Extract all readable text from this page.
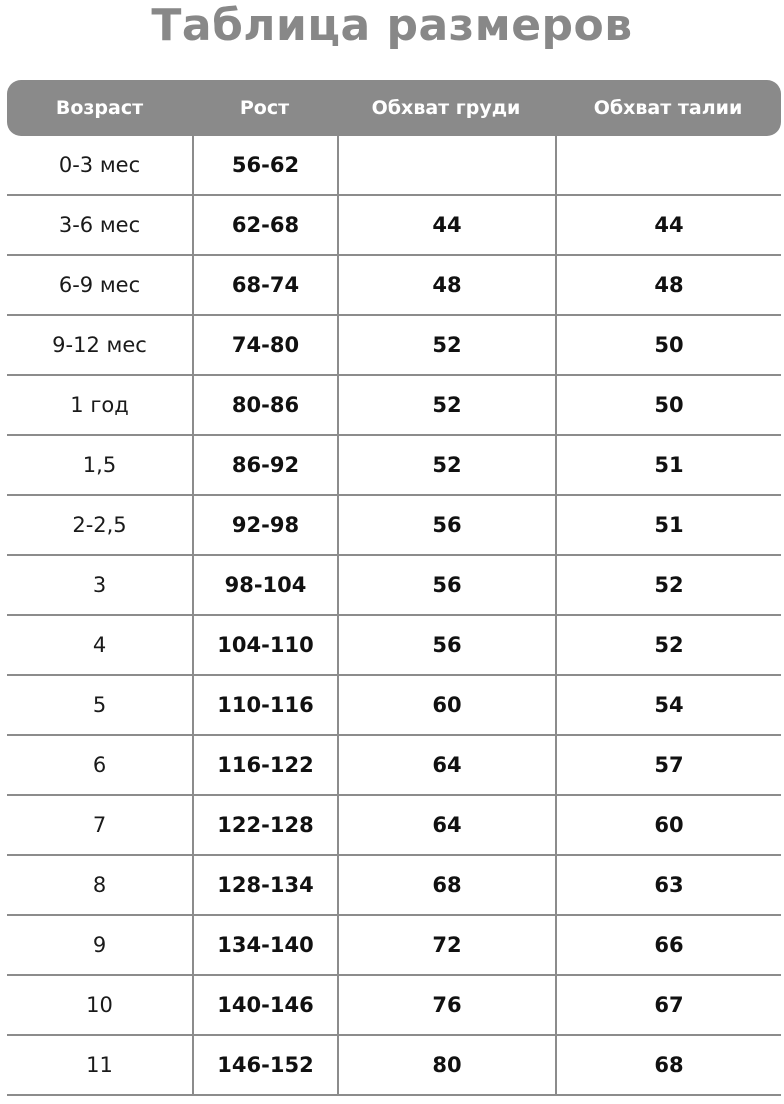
Таблица размеров
Возраст	Рост	Обхват груди	Обхват талии
0-3 мес	56-62
3-6 мес	62-68	44	44
6-9 мес	68-74	48	48
9-12 мес	74-80	52	50
1 год	80-86	52	50
1,5	86-92	52	51
2-2,5	92-98	56	51
3	98-104	56	52
4	104-110	56	52
5	110-116	60	54
6	116-122	64	57
7	122-128	64	60
8	128-134	68	63
9	134-140	72	66
10	140-146	76	67
11	146-152	80	68
